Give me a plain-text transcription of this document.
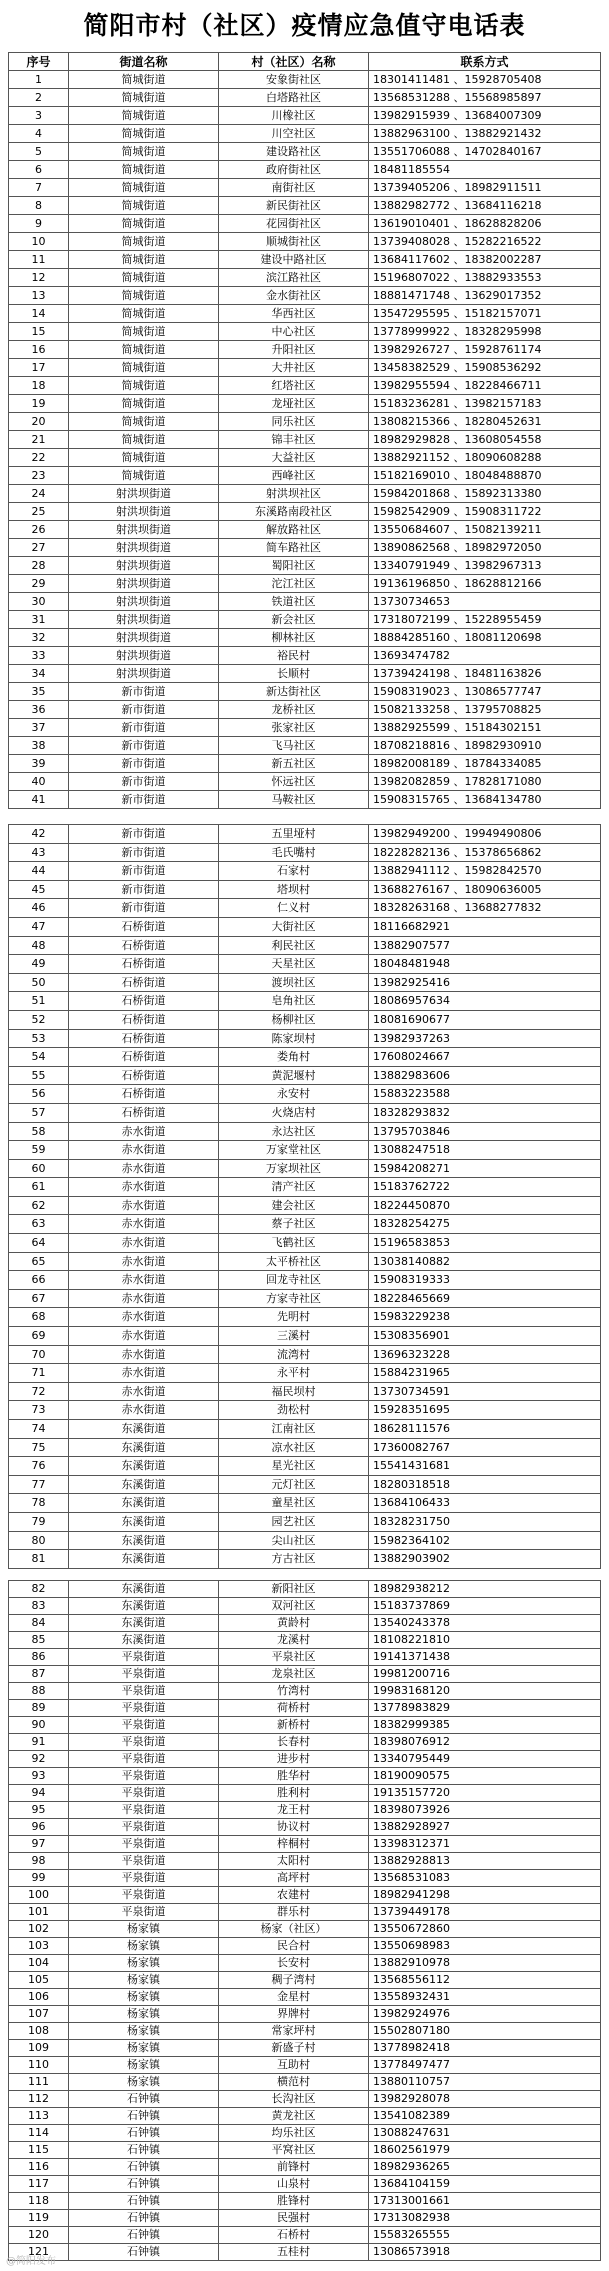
简阳市村（社区）疫情应急值守电话表
序号	街道名称	村（社区）名称	联系方式
1	简城街道	安象街社区	18301411481 、15928705408
2	简城街道	白塔路社区	13568531288 、15568985897
3	简城街道	川橡社区	13982915939 、13684007309
4	简城街道	川空社区	13882963100 、13882921432
5	简城街道	建设路社区	13551706088 、14702840167
6	简城街道	政府街社区	18481185554
7	简城街道	南街社区	13739405206 、18982911511
8	简城街道	新民街社区	13882982772 、13684116218
9	简城街道	花园街社区	13619010401 、18628828206
10	简城街道	顺城街社区	13739408028 、15282216522
11	简城街道	建设中路社区	13684117602 、18382002287
12	简城街道	滨江路社区	15196807022 、13882933553
13	简城街道	金水街社区	18881471748 、13629017352
14	简城街道	华西社区	13547295595 、15182157071
15	简城街道	中心社区	13778999922 、18328295998
16	简城街道	升阳社区	13982926727 、15928761174
17	简城街道	大井社区	13458382529 、15908536292
18	简城街道	红塔社区	13982955594 、18228466711
19	简城街道	龙垭社区	15183236281 、13982157183
20	简城街道	同乐社区	13808215366 、18280452631
21	简城街道	锦丰社区	18982929828 、13608054558
22	简城街道	大益社区	13882921152 、18090608288
23	简城街道	西峰社区	15182169010 、18048488870
24	射洪坝街道	射洪坝社区	15984201868 、15892313380
25	射洪坝街道	东溪路南段社区	15982542909 、15908311722
26	射洪坝街道	解放路社区	13550684607 、15082139211
27	射洪坝街道	简车路社区	13890862568 、18982972050
28	射洪坝街道	蜀阳社区	13340791949 、13982967313
29	射洪坝街道	沱江社区	19136196850 、18628812166
30	射洪坝街道	铁道社区	13730734653
31	射洪坝街道	新会社区	17318072199 、15228955459
32	射洪坝街道	柳林社区	18884285160 、18081120698
33	射洪坝街道	裕民村	13693474782
34	射洪坝街道	长顺村	13739424198 、18481163826
35	新市街道	新达街社区	15908319023 、13086577747
36	新市街道	龙桥社区	15082133258 、13795708825
37	新市街道	张家社区	13882925599 、15184302151
38	新市街道	飞马社区	18708218816 、18982930910
39	新市街道	新五社区	18982008189 、18784334085
40	新市街道	怀远社区	13982082859 、17828171080
41	新市街道	马鞍社区	15908315765 、13684134780
42	新市街道	五里垭村	13982949200 、19949490806
43	新市街道	毛氏嘴村	18228282136 、15378656862
44	新市街道	石家村	13882941112 、15982842570
45	新市街道	塔坝村	13688276167 、18090636005
46	新市街道	仁义村	18328263168 、13688277832
47	石桥街道	大街社区	18116682921
48	石桥街道	利民社区	13882907577
49	石桥街道	天星社区	18048481948
50	石桥街道	渡坝社区	13982925416
51	石桥街道	皂角社区	18086957634
52	石桥街道	杨柳社区	18081690677
53	石桥街道	陈家坝村	13982937263
54	石桥街道	娄角村	17608024667
55	石桥街道	黄泥堰村	13882983606
56	石桥街道	永安村	15883223588
57	石桥街道	火烧店村	18328293832
58	赤水街道	永达社区	13795703846
59	赤水街道	万家堂社区	13088247518
60	赤水街道	万家坝社区	15984208271
61	赤水街道	清产社区	15183762722
62	赤水街道	建会社区	18224450870
63	赤水街道	蔡子社区	18328254275
64	赤水街道	飞鹤社区	15196583853
65	赤水街道	太平桥社区	13038140882
66	赤水街道	回龙寺社区	15908319333
67	赤水街道	方家寺社区	18228465669
68	赤水街道	先明村	15983229238
69	赤水街道	三溪村	15308356901
70	赤水街道	流湾村	13696323228
71	赤水街道	永平村	15884231965
72	赤水街道	福民坝村	13730734591
73	赤水街道	劲松村	15928351695
74	东溪街道	江南社区	18628111576
75	东溪街道	凉水社区	17360082767
76	东溪街道	星光社区	15541431681
77	东溪街道	元灯社区	18280318518
78	东溪街道	童星社区	13684106433
79	东溪街道	园艺社区	18328231750
80	东溪街道	尖山社区	15982364102
81	东溪街道	方古社区	13882903902
82	东溪街道	新阳社区	18982938212
83	东溪街道	双河社区	15183737869
84	东溪街道	黄龄村	13540243378
85	东溪街道	龙溪村	18108221810
86	平泉街道	平泉社区	19141371438
87	平泉街道	龙泉社区	19981200716
88	平泉街道	竹湾村	19983168120
89	平泉街道	荷桥村	13778983829
90	平泉街道	新桥村	18382999385
91	平泉街道	长春村	18398076912
92	平泉街道	进步村	13340795449
93	平泉街道	胜华村	18190090575
94	平泉街道	胜利村	19135157720
95	平泉街道	龙王村	18398073926
96	平泉街道	协议村	13882928927
97	平泉街道	梓桐村	13398312371
98	平泉街道	太阳村	13882928813
99	平泉街道	高坪村	13568531083
100	平泉街道	农建村	18982941298
101	平泉街道	群乐村	13739449178
102	杨家镇	杨家（社区）	13550672860
103	杨家镇	民合村	13550698983
104	杨家镇	长安村	13882910978
105	杨家镇	稠子湾村	13568556112
106	杨家镇	金星村	13558932431
107	杨家镇	界牌村	13982924976
108	杨家镇	常家坪村	15502807180
109	杨家镇	新盛子村	13778982418
110	杨家镇	互助村	13778497477
111	杨家镇	横范村	13880110757
112	石钟镇	长沟社区	13982928078
113	石钟镇	黄龙社区	13541082389
114	石钟镇	均乐社区	13088247631
115	石钟镇	平窝社区	18602561979
116	石钟镇	前锋村	18982936265
117	石钟镇	山泉村	13684104159
118	石钟镇	胜锋村	17313001661
119	石钟镇	民强村	17313082938
120	石钟镇	石桥村	15583265555
121	石钟镇	五桂村	13086573918
@简阳发布
